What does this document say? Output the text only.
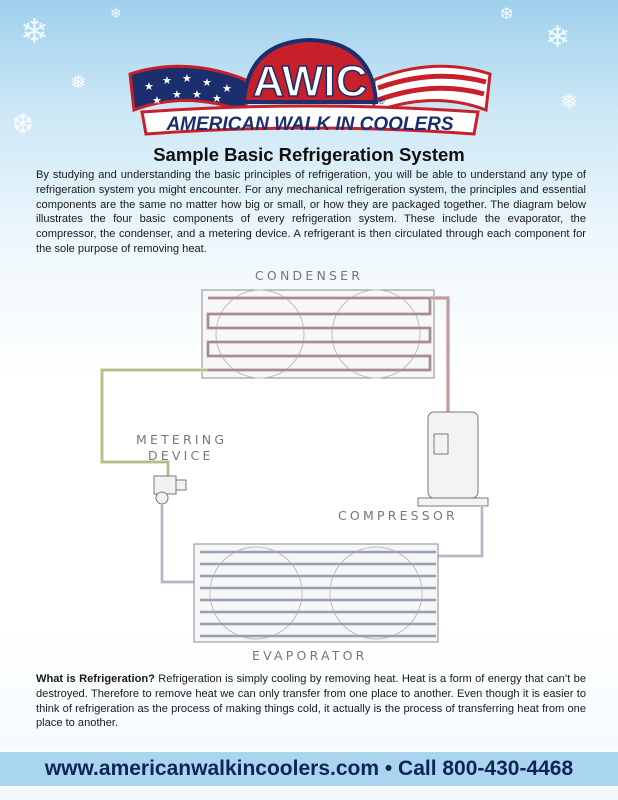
❄
❅
❆
❄
❅
❆
❄
★ ★ ★ ★ ★
★ ★ ★ ★ AWIC ®
AMERICAN WALK IN COOLERS
Sample Basic Refrigeration System

By studying and understanding the basic principles of refrigeration, you will be able to understand any type of refrigeration system you might encounter. For any mechanical refrigeration system, the principles and essential components are the same no matter how big or small, or how they are packaged together. The diagram below illustrates the four basic components of every refrigeration system. These include the evaporator, the compressor, the condenser, and a metering device. A refrigerant is then circulated through each component for the sole purpose of removing heat.

CONDENSER
METERING
DEVICE
COMPRESSOR
EVAPORATOR

What is Refrigeration? Refrigeration is simply cooling by removing heat. Heat is a form of energy that can’t be destroyed. Therefore to remove heat we can only transfer from one place to another. Even though it is easier to think of refrigeration as the process of making things cold, it actually is the process of transferring heat from one place to another.

www.americanwalkincoolers.com • Call 800-430-4468
